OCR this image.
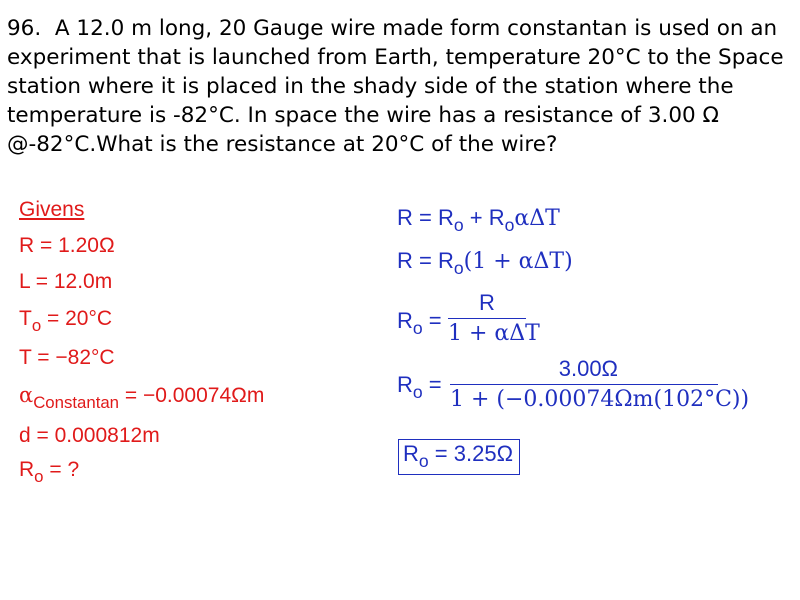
96.  A 12.0 m long, 20 Gauge wire made form constantan is used on an experiment that is launched from Earth, temperature 20°C to the Space station where it is placed in the shady side of the station where the temperature is -82°C. In space the wire has a resistance of 3.00 Ω @-82°C.What is the resistance at 20°C of the wire?
Givens
R = 1.20Ω
L = 12.0m
$T_o = 20^\circ C$
T = −82°C
$\alpha_{Constantan} = -0.00074\Omega m$
d = 0.000812m
$R_o$ = ?
$R = R_o + R_o\alpha\Delta T$
$R = R_o(1 + \alpha\Delta T)$
$R_o$ =
R
1 + αΔT
$R_o$ =
3.00Ω
1 + (−0.00074Ωm(102°C))
$R_o = 3.25\Omega$
